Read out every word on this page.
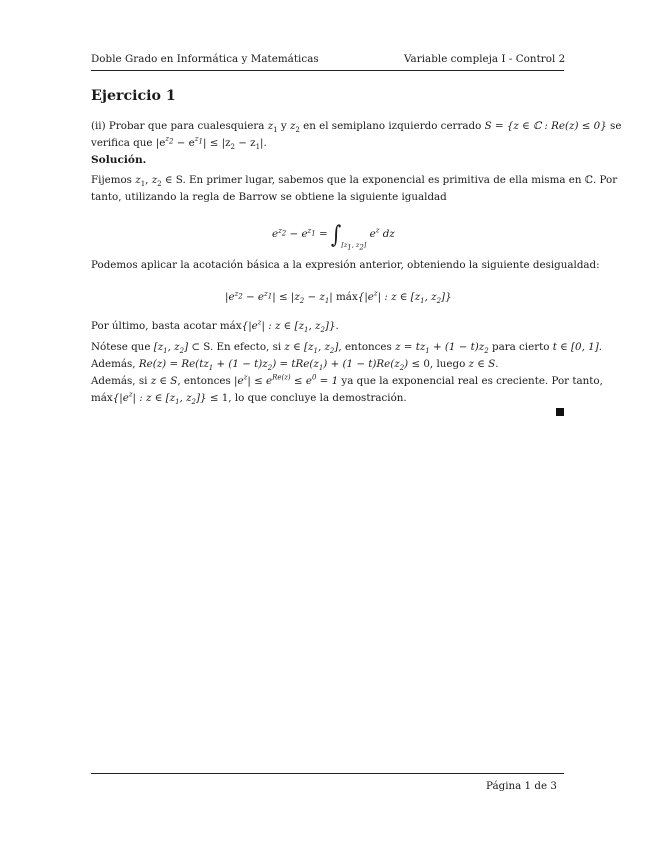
Doble Grado en Informática y Matemáticas	Variable compleja I - Control 2
Ejercicio 1
(ii) Probar que para cualesquiera $z_1$ y $z_2$ en el semiplano izquierdo cerrado S = {z ∈ ℂ : Re(z) ≤ 0} se
verifica que $|e^{z_2} - e^{z_1}| \le |z_2 - z_1|$.
Solución.
Fijemos $z_1$, $z_2$ ∈ S. En primer lugar, sabemos que la exponencial es primitiva de ella misma en ℂ. Por
tanto, utilizando la regla de Barrow se obtiene la siguiente igualdad
$e^{z_2} - e^{z_1} = \int_{[z_1, z_2]}$ $e^z$ dz
Podemos aplicar la acotación básica a la expresión anterior, obteniendo la siguiente desigualdad:
$|e^{z_2} - e^{z_1}| \le |z_2 - z_1|$ $máx\{|e^z|$ : z ∈ [$z_1$, $z_2$]}
Por último, basta acotar $máx\{|e^z|$ : z ∈ [$z_1$, $z_2$]}.
Nótese que [$z_1$, $z_2$] ⊂ S. En efecto, si z ∈ [$z_1$, $z_2$], entonces $z = tz_1 + (1 - t)z_2$ para cierto t ∈ [0, 1].
Además, $Re(z) = Re(tz_1 + (1 - t)z_2) = tRe(z_1) + (1 - t)Re(z_2) \le 0$, luego z ∈ S.
Además, si z ∈ S, entonces $|e^z| \le e^{Re(z)} \le e^0 = 1$ ya que la exponencial real es creciente. Por tanto,
$máx\{|e^z|$ : z ∈ [$z_1$, $z_2]\} \le 1$, lo que concluye la demostración.
Página 1 de 3
